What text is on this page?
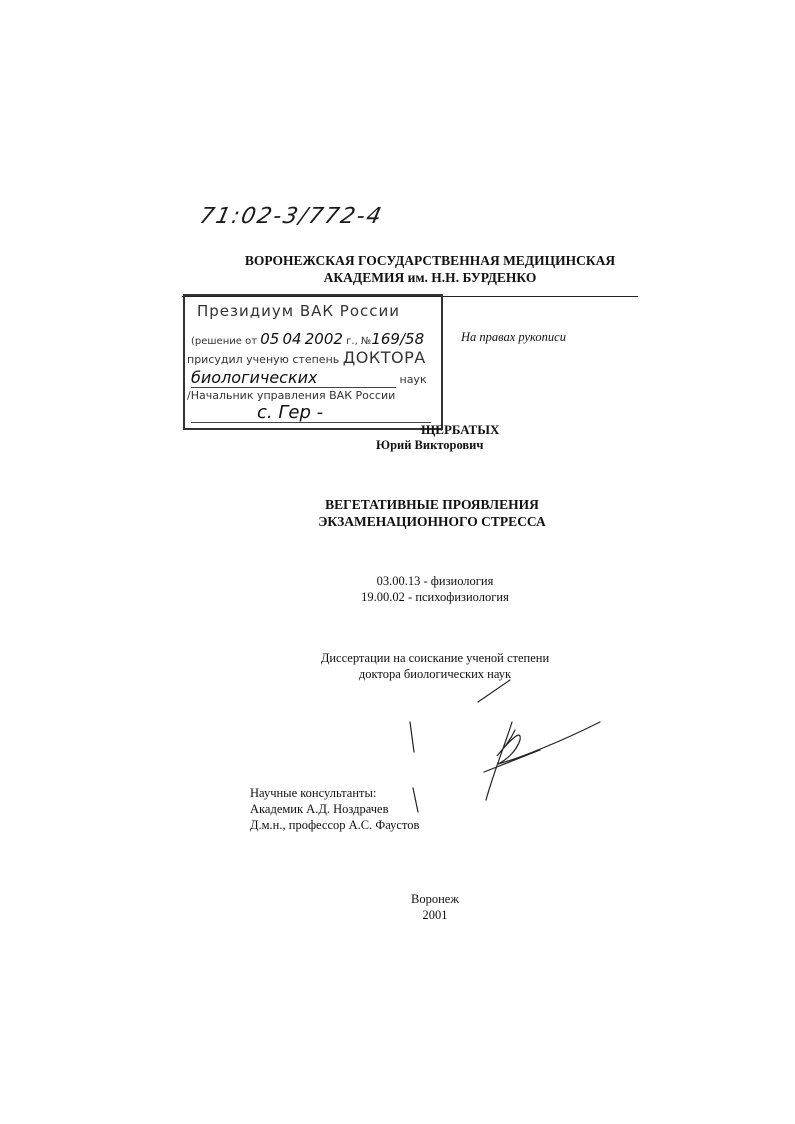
71:02-3/772-4
ВОРОНЕЖСКАЯ ГОСУДАРСТВЕННАЯ МЕДИЦИНСКАЯ
АКАДЕМИЯ им. Н.Н. БУРДЕНКО
Президиум ВАК России
(решение от 05 04 2002 г., №169/58
присудил ученую степень ДОКТОРА
биологических	наук
/Начальник управления ВАК России
с. Гер -
На правах рукописи
ЩЕРБАТЫХ
Юрий Викторович
ВЕГЕТАТИВНЫЕ ПРОЯВЛЕНИЯ
ЭКЗАМЕНАЦИОННОГО СТРЕССА
03.00.13 - физиология
19.00.02 - психофизиология
Диссертации на соискание ученой степени
доктора биологических наук
Научные консультанты:
Академик А.Д. Ноздрачев
Д.м.н., профессор А.С. Фаустов
Воронеж
2001
